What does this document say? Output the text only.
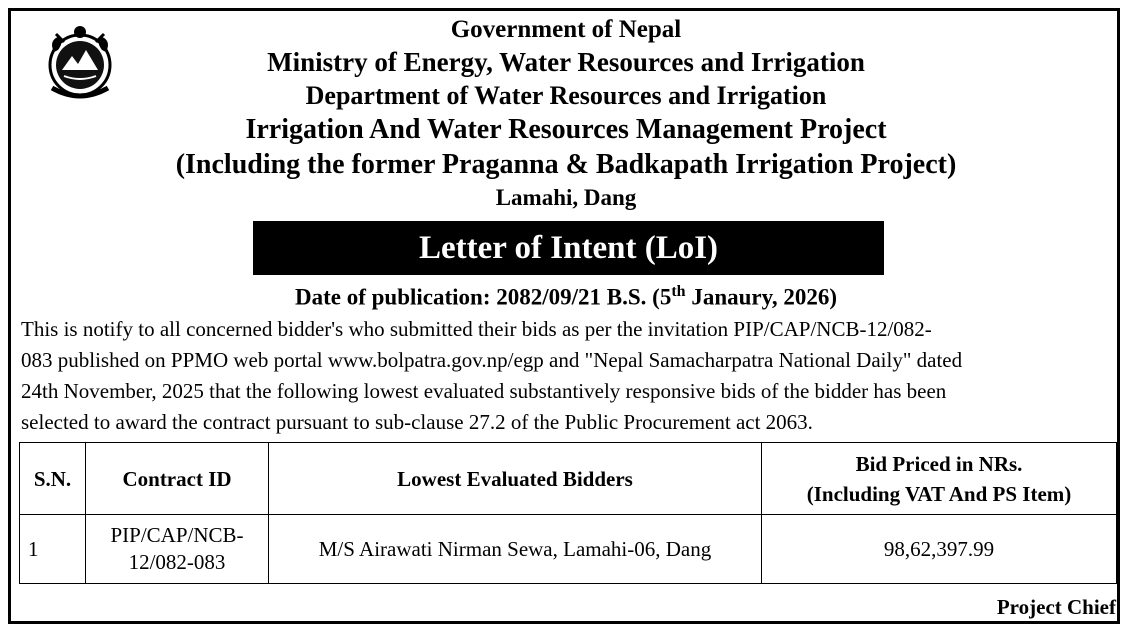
Government of Nepal
Ministry of Energy, Water Resources and Irrigation
Department of Water Resources and Irrigation
Irrigation And Water Resources Management Project
(Including the former Praganna & Badkapath Irrigation Project)
Lamahi, Dang
Letter of Intent (LoI)
Date of publication: 2082/09/21 B.S. (5th Janaury, 2026)
This is notify to all concerned bidder's who submitted their bids as per the invitation PIP/CAP/NCB-12/082-
083 published on PPMO web portal www.bolpatra.gov.np/egp and "Nepal Samacharpatra National Daily" dated
24th November, 2025 that the following lowest evaluated substantively responsive bids of the bidder has been
selected to award the contract pursuant to sub-clause 27.2 of the Public Procurement act 2063.
S.N.	Contract ID	Lowest Evaluated Bidders	Bid Priced in NRs.
(Including VAT And PS Item)
1	PIP/CAP/NCB-
12/082-083	M/S Airawati Nirman Sewa, Lamahi-06, Dang	98,62,397.99
Project Chief
